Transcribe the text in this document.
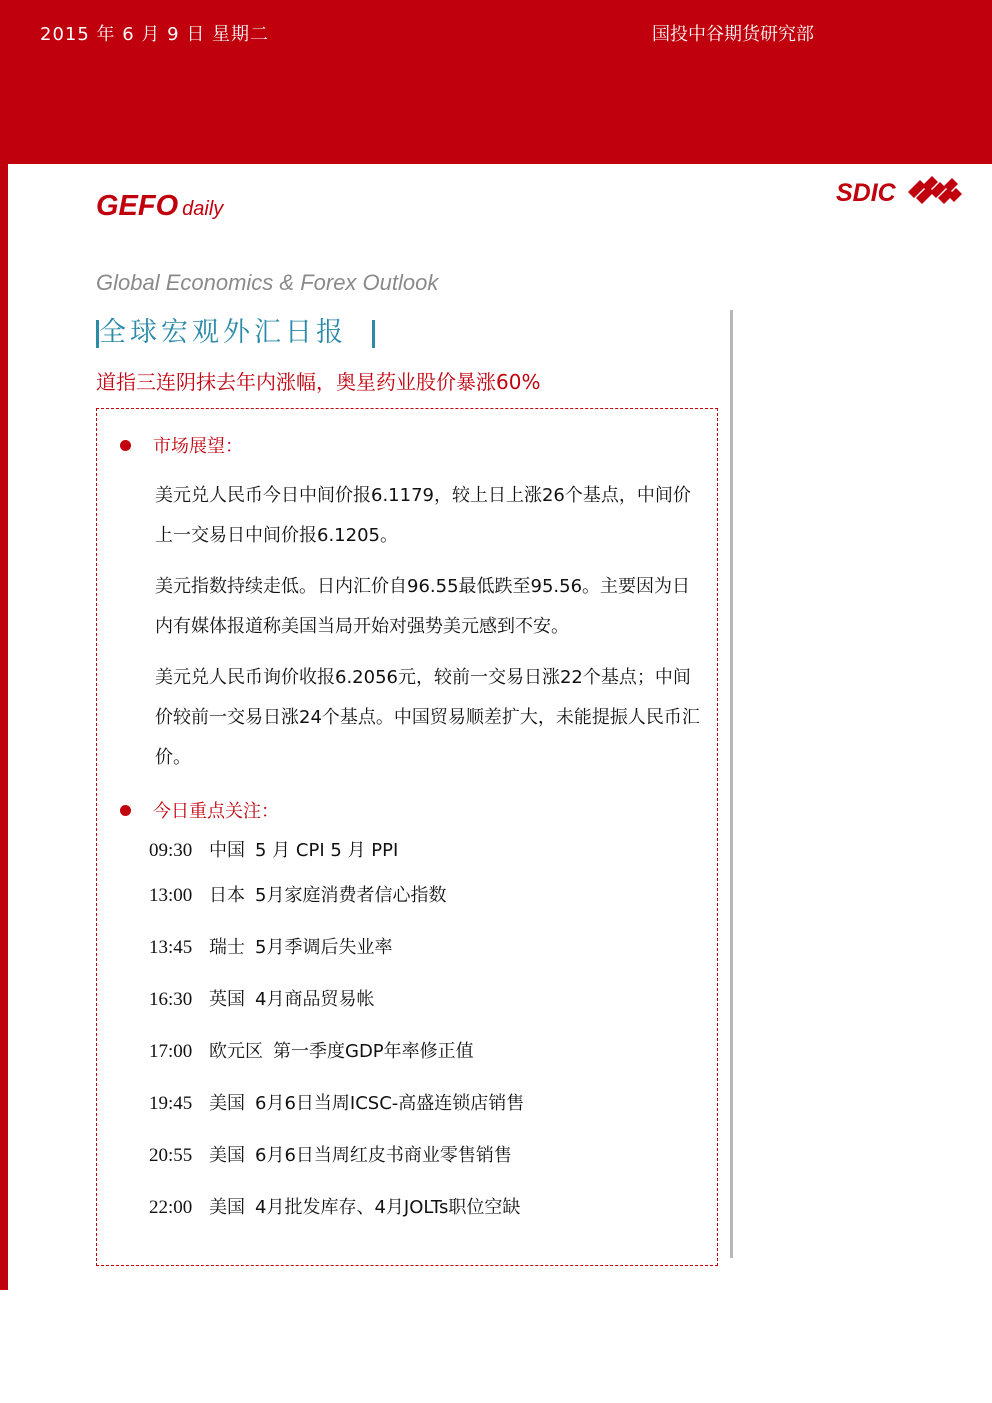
2015 年 6 月 9 日 星期二	国投中谷期货研究部
GEFO daily
SDIC
Global Economics & Forex Outlook
全球宏观外汇日报
道指三连阴抹去年内涨幅，奥星药业股价暴涨60%
市场展望：
美元兑人民币今日中间价报6.1179，较上日上涨26个基点，中间价上一交易日中间价报6.1205。
美元指数持续走低。日内汇价自96.55最低跌至95.56。主要因为日内有媒体报道称美国当局开始对强势美元感到不安。
美元兑人民币询价收报6.2056元，较前一交易日涨22个基点；中间价较前一交易日涨24个基点。中国贸易顺差扩大，未能提振人民币汇价。
今日重点关注：
09:30 中国 5 月 CPI 5 月 PPI
13:00 日本 5月家庭消费者信心指数
13:45 瑞士 5月季调后失业率
16:30 英国 4月商品贸易帐
17:00 欧元区 第一季度GDP年率修正值
19:45 美国 6月6日当周ICSC-高盛连锁店销售
20:55 美国 6月6日当周红皮书商业零售销售
22:00 美国 4月批发库存、4月JOLTs职位空缺
